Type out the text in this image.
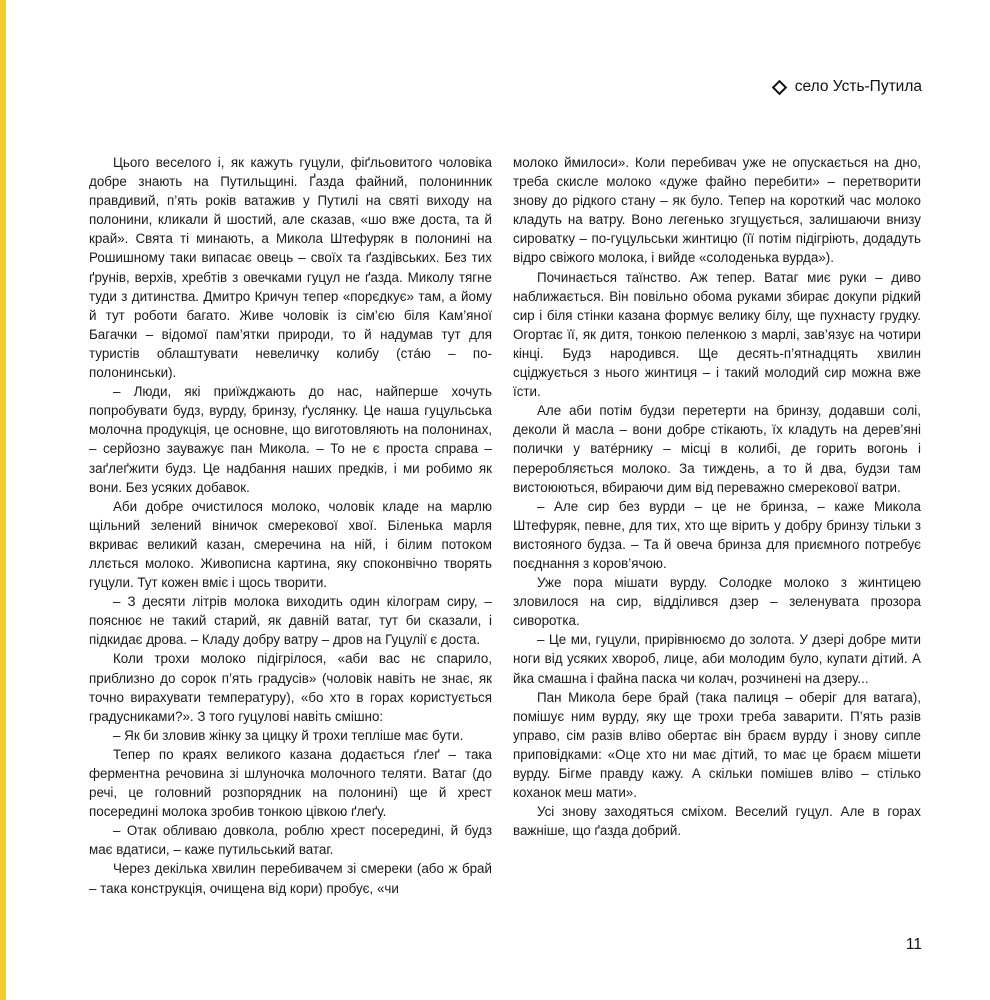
село Усть-Путила

Цього веселого і, як кажуть гуцули, фіґльовитого чоловіка добре знають на Путильщині. Ґазда файний, полонинник правдивий, п’ять років ватажив у Путилі на святі виходу на полонини, кликали й шостий, але сказав, «шо вже доста, та й край». Свята ті минають, а Микола Штефуряк в полонині на Рошишному таки випасає овець – своїх та ґаздівських. Без тих ґрунів, верхів, хребтів з овечками гуцул не ґазда. Миколу тягне туди з дитинства. Дмитро Кричун тепер «порєдкує» там, а йому й тут роботи багато. Живе чоловік із сім’єю біля Кам’яної Багачки – відомої пам’ятки природи, то й надумав тут для туристів облаштувати невеличку колибу (стáю – по-полонинськи).

– Люди, які приїжджають до нас, найперше хочуть попробувати будз, вурду, бринзу, ґуслянку. Це наша гуцульська молочна продукція, це основне, що виготовляють на полонинах, – серйозно зауважує пан Микола. – То не є проста справа – заґлеґжити будз. Це надбання наших предків, і ми робимо як вони. Без усяких добавок.

Аби добре очистилося молоко, чоловік кладе на марлю щільний зелений віничок смерекової хвої. Біленька марля вкриває великий казан, смеречина на ній, і білим потоком ллється молоко. Живописна картина, яку споконвічно творять гуцули. Тут кожен вміє і щось творити.

– З десяти літрів молока виходить один кілограм сиру, – пояснює не такий старий, як давній ватаг, тут би сказали, і підкидає дрова. – Кладу добру ватру – дров на Гуцулії є доста.

Коли трохи молоко підігрілося, «аби вас нє спарило, приблизно до сорок п’ять градусів» (чоловік навіть не знає, як точно вирахувати температуру), «бо хто в горах користується градусниками?». З того гуцулові навіть смішно:

– Як би зловив жінку за цицку й трохи тепліше має бути.

Тепер по краях великого казана додається ґлеґ – така ферментна речовина зі шлуночка молочного теляти. Ватаг (до речі, це головний розпорядник на полонині) ще й хрест посередині молока зробив тонкою цівкою ґлеґу.

– Отак обливаю довкола, роблю хрест посередині, й будз має вдатиси, – каже путильський ватаг.

Через декілька хвилин перебивачем зі смереки (або ж брай – така конструкція, очищена від кори) пробує, «чи

молоко ймилоси». Коли перебивач уже не опускається на дно, треба скисле молоко «дуже файно перебити» – перетворити знову до рідкого стану – як було. Тепер на короткий час молоко кладуть на ватру. Воно легенько згущується, залишаючи внизу сироватку – по-гуцульськи жинтицю (її потім підігріють, додадуть відро свіжого молока, і вийде «солоденька вурда»).

Починається таїнство. Аж тепер. Ватаг миє руки – диво наближається. Він повільно обома руками збирає докупи рідкий сир і біля стінки казана формує велику білу, ще пухнасту грудку. Огортає її, як дитя, тонкою пеленкою з марлі, зав’язує на чотири кінці. Будз народився. Ще десять-п’ятнадцять хвилин сціджується з нього жинтиця – і такий молодий сир можна вже їсти.

Але аби потім будзи перетерти на бринзу, додавши солі, деколи й масла – вони добре стікають, їх кладуть на дерев’яні полички у ватéрнику – місці в колибі, де горить вогонь і переробляється молоко. За тиждень, а то й два, будзи там вистоюються, вбираючи дим від переважно смерекової ватри.

– Але сир без вурди – це не бринза, – каже Микола Штефуряк, певне, для тих, хто ще вірить у добру бринзу тільки з вистояного будза. – Та й овеча бринза для приємного потребує поєднання з коров’ячою.

Уже пора мішати вурду. Солодке молоко з жинтицею зловилося на сир, відділився дзер – зеленувата прозора сиворотка.

– Це ми, гуцули, прирівнюємо до золота. У дзері добре мити ноги від усяких хвороб, лице, аби молодим було, купати дітий. А йка смашна і файна паска чи колач, розчинені на дзеру...

Пан Микола бере брай (така палиця – оберіг для ватага), помішує ним вурду, яку ще трохи треба заварити. П’ять разів управо, сім разів вліво обертає він браєм вурду і знову сипле приповідками: «Оце хто ни має дітий, то має це браєм мішети вурду. Бігме правду кажу. А скільки помішев вліво – стілько коханок меш мати».

Усі знову заходяться сміхом. Веселий гуцул. Але в горах важніше, що ґазда добрий.

11
